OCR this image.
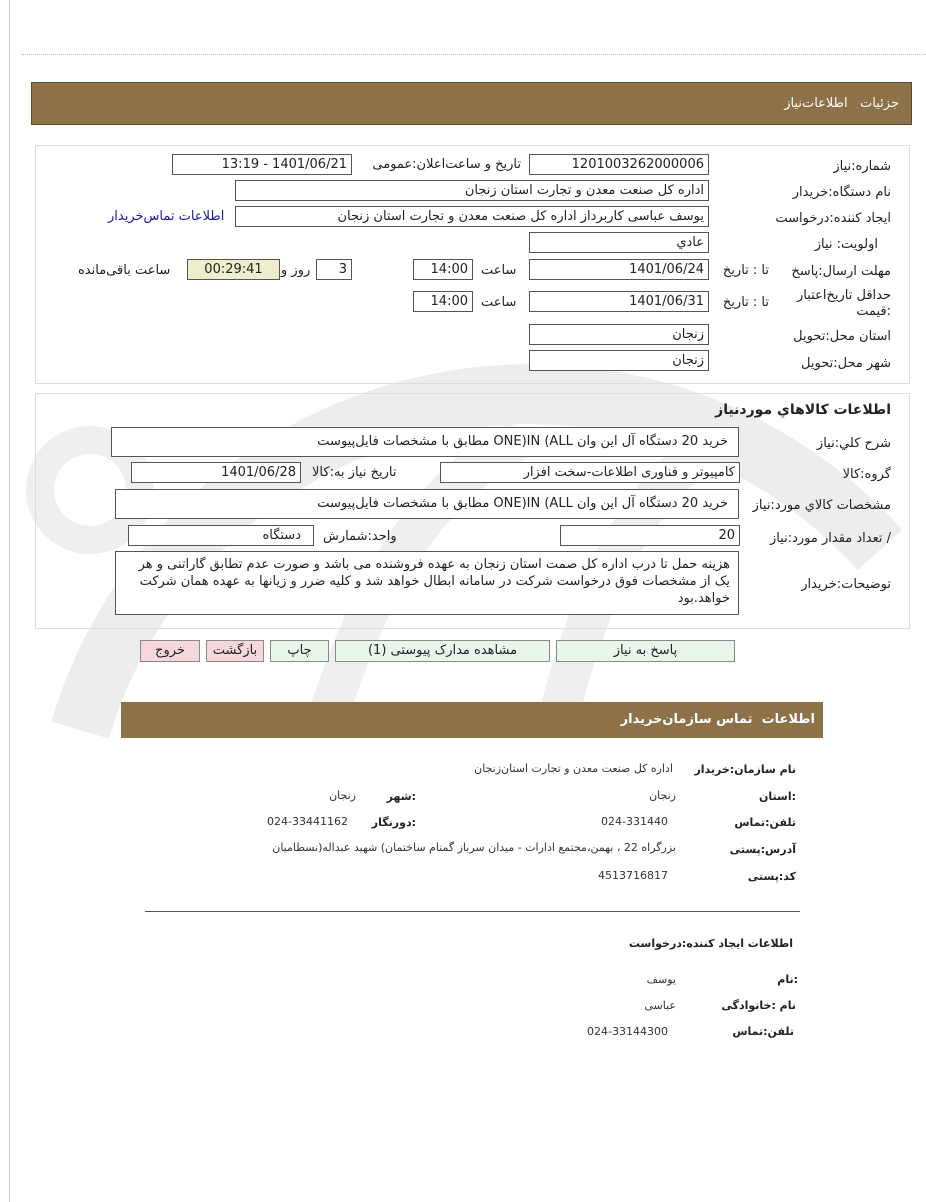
جزئیات   اطلاعات‌نیاز
شماره:نیاز
1201003262000006
تاریخ و ساعت‌اعلان:عمومی
13:19 - 1401/06/21
نام دستگاه:خریدار
اداره کل صنعت معدن و تجارت استان زنجان
ایجاد کننده:درخواست
یوسف عباسی کاربرداز اداره کل صنعت معدن و تجارت استان زنجان
اطلاعات تماس‌خریدار
اولویت: نیاز
عادي
مهلت ارسال:پاسخ
تا : تاریخ
1401/06/24
ساعت
14:00
3
روز و
00:29:41
ساعت باقی‌مانده
حداقل تاریخ‌اعتبار :قیمت
تا : تاریخ
1401/06/31
ساعت
14:00
استان محل:تحویل
زنجان
شهر محل:تحویل
زنجان
اطلاعات کالاهاي موردنیاز
شرح کلي:نیاز
خرید 20 دستگاه آل این وان ONE)IN (ALL مطابق با مشخصات فایل‌پیوست
گروه:کالا
کامپیوتر و فناوری اطلاعات-سخت افزار
تاریخ نیاز به:کالا
1401/06/28
مشخصات کالاي مورد:نیاز
خرید 20 دستگاه آل این وان ONE)IN (ALL مطابق با مشخصات فایل‌پیوست
/ تعداد مقدار مورد:نیاز
20
واحد:شمارش
دستگاه
توضیحات:خریدار
هزینه حمل تا درب اداره کل صمت استان زنجان به عهده فروشنده می باشد و صورت عدم تطابق گاراتنی و هر یک از مشخصات فوق درخواست شرکت در سامانه ابطال خواهد شد و کلیه ضرر و زیانها به عهده همان شرکت خواهد.بود
پاسخ به نیاز
مشاهده مدارک پیوستی (1)
چاپ
بازگشت
خروج
اطلاعات  تماس سازمان‌خریدار
نام سازمان:خریدار
اداره کل صنعت معدن و تجارت استان‌زنجان
:استان
زنجان
:شهر
زنجان
تلفن:تماس
024-331440
:دورنگار
024-33441162
آدرس:پستی
بزرگراه 22 ، بهمن،مجتمع ادارات - میدان سرباز گمنام ساختمان) شهید عبداله(نسطامیان
کد:پستی
4513716817
اطلاعات ایجاد کننده:درخواست
:نام
یوسف
نام :خانوادگی
عباسی
تلفن:تماس
024-33144300
